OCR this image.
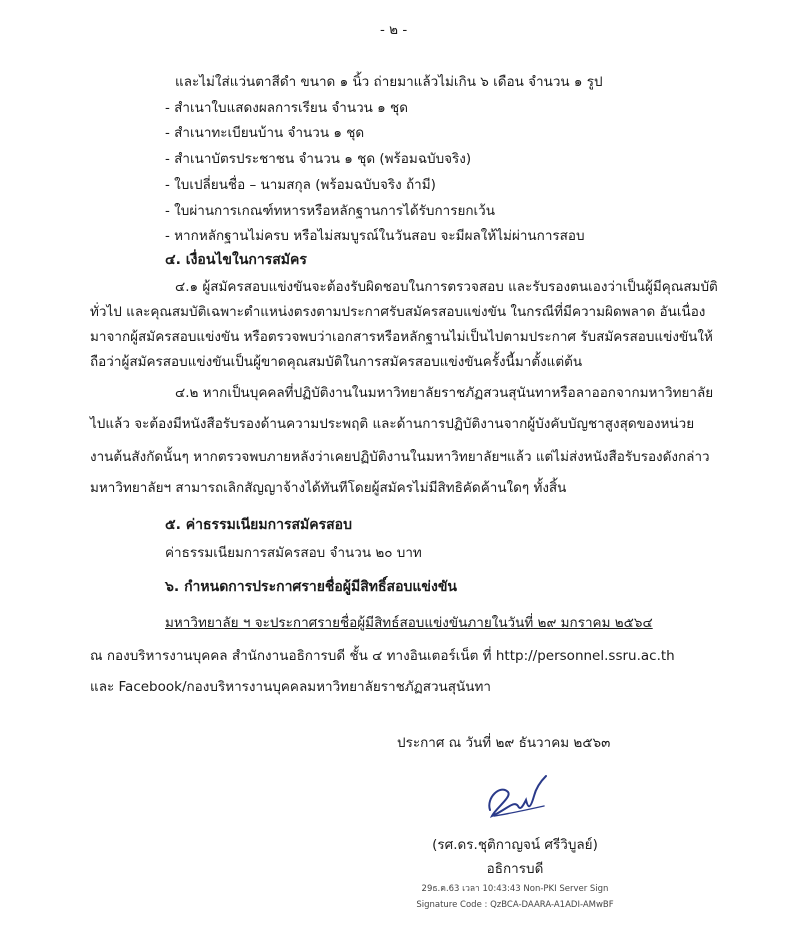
- ๒ -
และไม่ใส่แว่นตาสีดำ ขนาด ๑ นิ้ว ถ่ายมาแล้วไม่เกิน ๖ เดือน จำนวน ๑ รูป
- สำเนาใบแสดงผลการเรียน จำนวน ๑ ชุด
- สำเนาทะเบียนบ้าน จำนวน ๑ ชุด
- สำเนาบัตรประชาชน จำนวน ๑ ชุด (พร้อมฉบับจริง)
- ใบเปลี่ยนชื่อ – นามสกุล (พร้อมฉบับจริง ถ้ามี)
- ใบผ่านการเกณฑ์ทหารหรือหลักฐานการได้รับการยกเว้น
- หากหลักฐานไม่ครบ หรือไม่สมบูรณ์ในวันสอบ จะมีผลให้ไม่ผ่านการสอบ
๔. เงื่อนไขในการสมัคร
๔.๑ ผู้สมัครสอบแข่งขันจะต้องรับผิดชอบในการตรวจสอบ และรับรองตนเองว่าเป็นผู้มีคุณสมบัติ
ทั่วไป และคุณสมบัติเฉพาะตำแหน่งตรงตามประกาศรับสมัครสอบแข่งขัน ในกรณีที่มีความผิดพลาด อันเนื่อง
มาจากผู้สมัครสอบแข่งขัน หรือตรวจพบว่าเอกสารหรือหลักฐานไม่เป็นไปตามประกาศ รับสมัครสอบแข่งขันให้
ถือว่าผู้สมัครสอบแข่งขันเป็นผู้ขาดคุณสมบัติในการสมัครสอบแข่งขันครั้งนี้มาตั้งแต่ต้น
๔.๒ หากเป็นบุคคลที่ปฏิบัติงานในมหาวิทยาลัยราชภัฏสวนสุนันทาหรือลาออกจากมหาวิทยาลัย
ไปแล้ว จะต้องมีหนังสือรับรองด้านความประพฤติ และด้านการปฏิบัติงานจากผู้บังคับบัญชาสูงสุดของหน่วย
งานต้นสังกัดนั้นๆ หากตรวจพบภายหลังว่าเคยปฏิบัติงานในมหาวิทยาลัยฯแล้ว แต่ไม่ส่งหนังสือรับรองดังกล่าว
มหาวิทยาลัยฯ สามารถเลิกสัญญาจ้างได้ทันทีโดยผู้สมัครไม่มีสิทธิคัดค้านใดๆ ทั้งสิ้น
๕. ค่าธรรมเนียมการสมัครสอบ
ค่าธรรมเนียมการสมัครสอบ จำนวน ๒๐ บาท
๖. กำหนดการประกาศรายชื่อผู้มีสิทธิ์สอบแข่งขัน
มหาวิทยาลัย ฯ จะประกาศรายชื่อผู้มีสิทธ์สอบแข่งขันภายในวันที่ ๒๙ มกราคม ๒๕๖๔
ณ กองบริหารงานบุคคล สำนักงานอธิการบดี ชั้น ๔ ทางอินเตอร์เน็ต ที่ http://personnel.ssru.ac.th
และ Facebook/กองบริหารงานบุคคลมหาวิทยาลัยราชภัฏสวนสุนันทา
ประกาศ ณ วันที่ ๒๙ ธันวาคม ๒๕๖๓
(รศ.ดร.ชุติกาญจน์ ศรีวิบูลย์)
อธิการบดี
29ธ.ค.63 เวลา 10:43:43 Non-PKI Server Sign
Signature Code : QzBCA-DAARA-A1ADI-AMwBF
